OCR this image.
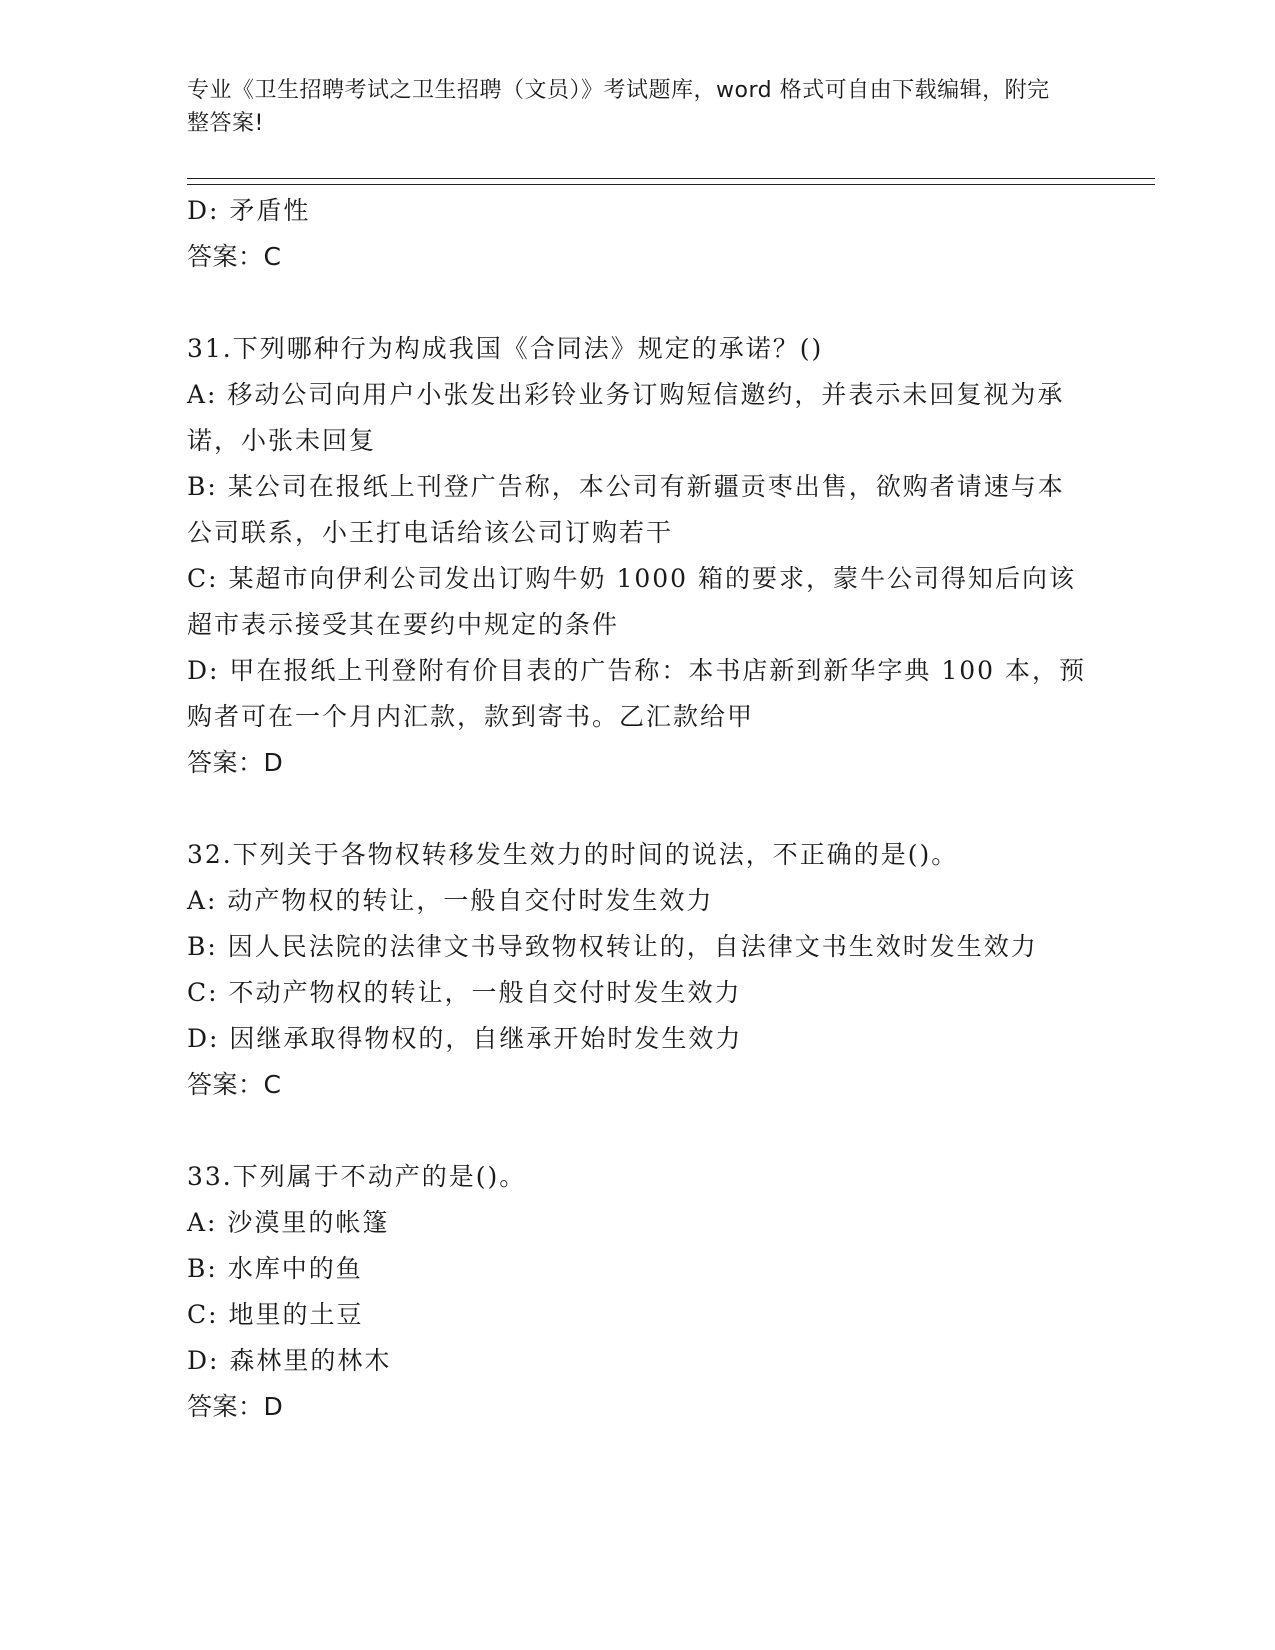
专业《卫生招聘考试之卫生招聘（文员）》考试题库，word 格式可自由下载编辑，附完整答案!

D: 矛盾性

答案：C

31.下列哪种行为构成我国《合同法》规定的承诺？()

A: 移动公司向用户小张发出彩铃业务订购短信邀约，并表示未回复视为承诺，小张未回复

B: 某公司在报纸上刊登广告称，本公司有新疆贡枣出售，欲购者请速与本公司联系，小王打电话给该公司订购若干

C: 某超市向伊利公司发出订购牛奶 1000 箱的要求，蒙牛公司得知后向该超市表示接受其在要约中规定的条件

D: 甲在报纸上刊登附有价目表的广告称：本书店新到新华字典 100 本，预购者可在一个月内汇款，款到寄书。乙汇款给甲

答案：D

32.下列关于各物权转移发生效力的时间的说法，不正确的是()。

A: 动产物权的转让，一般自交付时发生效力

B: 因人民法院的法律文书导致物权转让的，自法律文书生效时发生效力

C: 不动产物权的转让，一般自交付时发生效力

D: 因继承取得物权的，自继承开始时发生效力

答案：C

33.下列属于不动产的是()。

A: 沙漠里的帐篷

B: 水库中的鱼

C: 地里的土豆

D: 森林里的林木

答案：D
